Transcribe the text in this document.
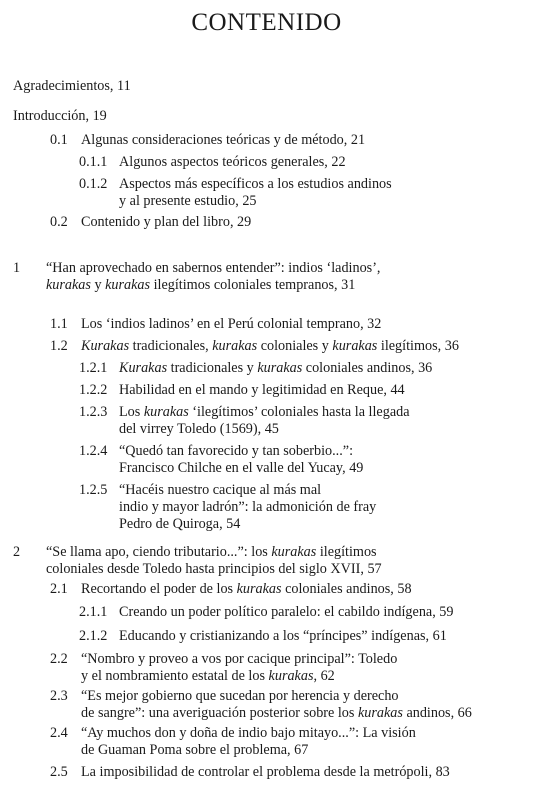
CONTENIDO
Agradecimientos, 11
Introducción, 19
0.1 Algunas consideraciones teóricas y de método, 21
0.1.1 Algunos aspectos teóricos generales, 22
0.1.2 Aspectos más específicos a los estudios andinos
y al presente estudio, 25
0.2 Contenido y plan del libro, 29
1 “Han aprovechado en sabernos entender”: indios ‘ladinos’,
kurakas y kurakas ilegítimos coloniales tempranos, 31
1.1 Los ‘indios ladinos’ en el Perú colonial temprano, 32
1.2 Kurakas tradicionales, kurakas coloniales y kurakas ilegítimos, 36
1.2.1 Kurakas tradicionales y kurakas coloniales andinos, 36
1.2.2 Habilidad en el mando y legitimidad en Reque, 44
1.2.3 Los kurakas ‘ilegítimos’ coloniales hasta la llegada
del virrey Toledo (1569), 45
1.2.4 “Quedó tan favorecido y tan soberbio...”:
Francisco Chilche en el valle del Yucay, 49
1.2.5 “Hacéis nuestro cacique al más mal
indio y mayor ladrón”: la admonición de fray
Pedro de Quiroga, 54
2 “Se llama apo, ciendo tributario...”: los kurakas ilegítimos
coloniales desde Toledo hasta principios del siglo XVII, 57
2.1 Recortando el poder de los kurakas coloniales andinos, 58
2.1.1 Creando un poder político paralelo: el cabildo indígena, 59
2.1.2 Educando y cristianizando a los “príncipes” indígenas, 61
2.2 “Nombro y proveo a vos por cacique principal”: Toledo
y el nombramiento estatal de los kurakas, 62
2.3 “Es mejor gobierno que sucedan por herencia y derecho
de sangre”: una averiguación posterior sobre los kurakas andinos, 66
2.4 “Ay muchos don y doña de indio bajo mitayo...”: La visión
de Guaman Poma sobre el problema, 67
2.5 La imposibilidad de controlar el problema desde la metrópoli, 83
